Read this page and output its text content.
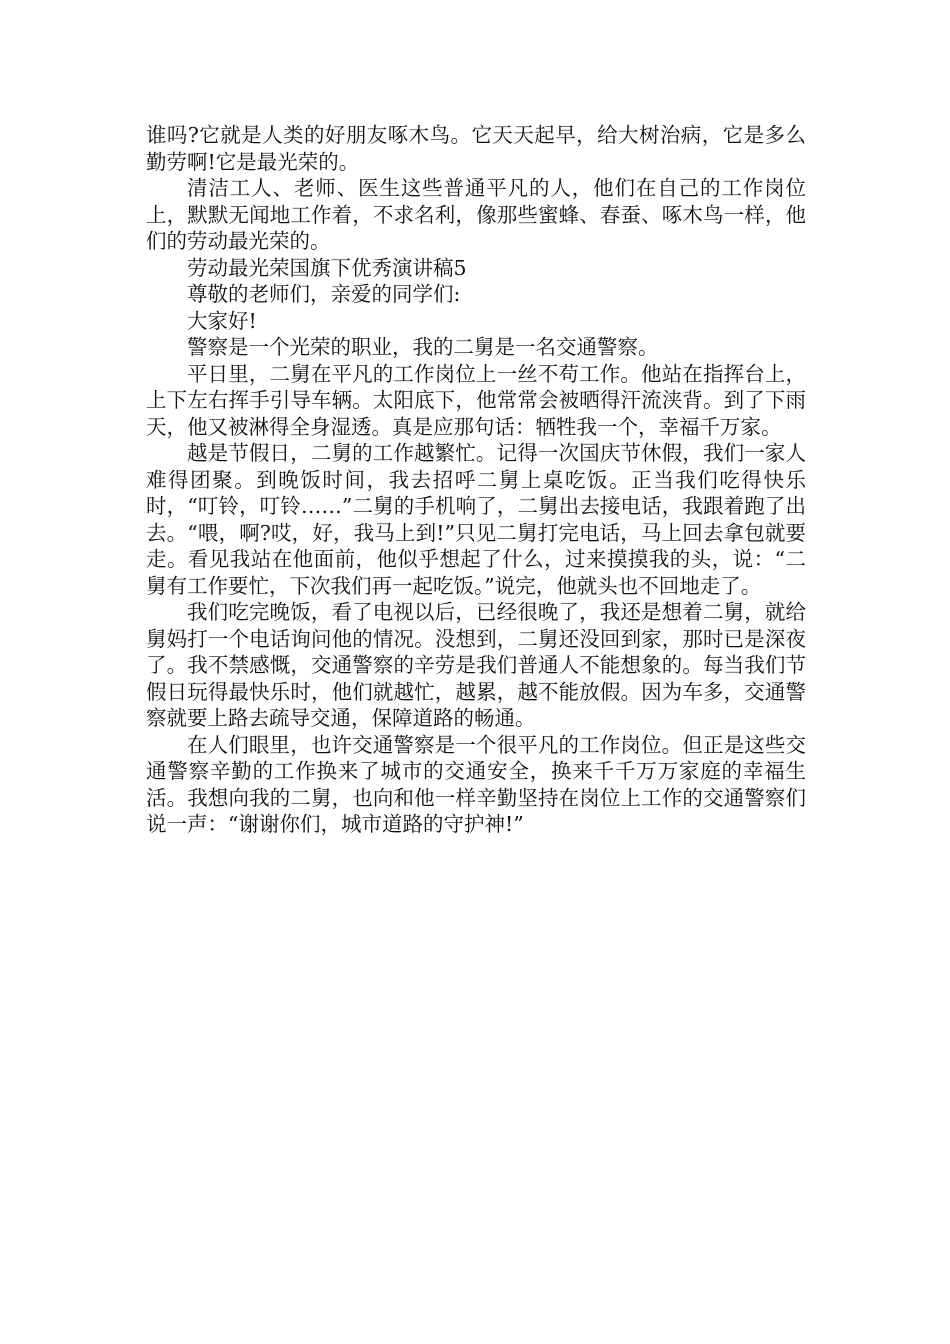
谁吗?它就是人类的好朋友啄木鸟。它天天起早，给大树治病，它是多么勤劳啊!它是最光荣的。

清洁工人、老师、医生这些普通平凡的人，他们在自己的工作岗位上，默默无闻地工作着，不求名利，像那些蜜蜂、春蚕、啄木鸟一样，他们的劳动最光荣的。

劳动最光荣国旗下优秀演讲稿5

尊敬的老师们，亲爱的同学们:

大家好!

警察是一个光荣的职业，我的二舅是一名交通警察。

平日里，二舅在平凡的工作岗位上一丝不苟工作。他站在指挥台上，上下左右挥手引导车辆。太阳底下，他常常会被晒得汗流浃背。到了下雨天，他又被淋得全身湿透。真是应那句话：牺牲我一个，幸福千万家。

越是节假日，二舅的工作越繁忙。记得一次国庆节休假，我们一家人难得团聚。到晚饭时间，我去招呼二舅上桌吃饭。正当我们吃得快乐时，“叮铃，叮铃……”二舅的手机响了，二舅出去接电话，我跟着跑了出去。“喂，啊?哎，好，我马上到!”只见二舅打完电话，马上回去拿包就要走。看见我站在他面前，他似乎想起了什么，过来摸摸我的头，说：“二舅有工作要忙，下次我们再一起吃饭。”说完，他就头也不回地走了。

我们吃完晚饭，看了电视以后，已经很晚了，我还是想着二舅，就给舅妈打一个电话询问他的情况。没想到，二舅还没回到家，那时已是深夜了。我不禁感慨，交通警察的辛劳是我们普通人不能想象的。每当我们节假日玩得最快乐时，他们就越忙，越累，越不能放假。因为车多，交通警察就要上路去疏导交通，保障道路的畅通。

在人们眼里，也许交通警察是一个很平凡的工作岗位。但正是这些交通警察辛勤的工作换来了城市的交通安全，换来千千万万家庭的幸福生活。我想向我的二舅，也向和他一样辛勤坚持在岗位上工作的交通警察们说一声：“谢谢你们，城市道路的守护神!”
